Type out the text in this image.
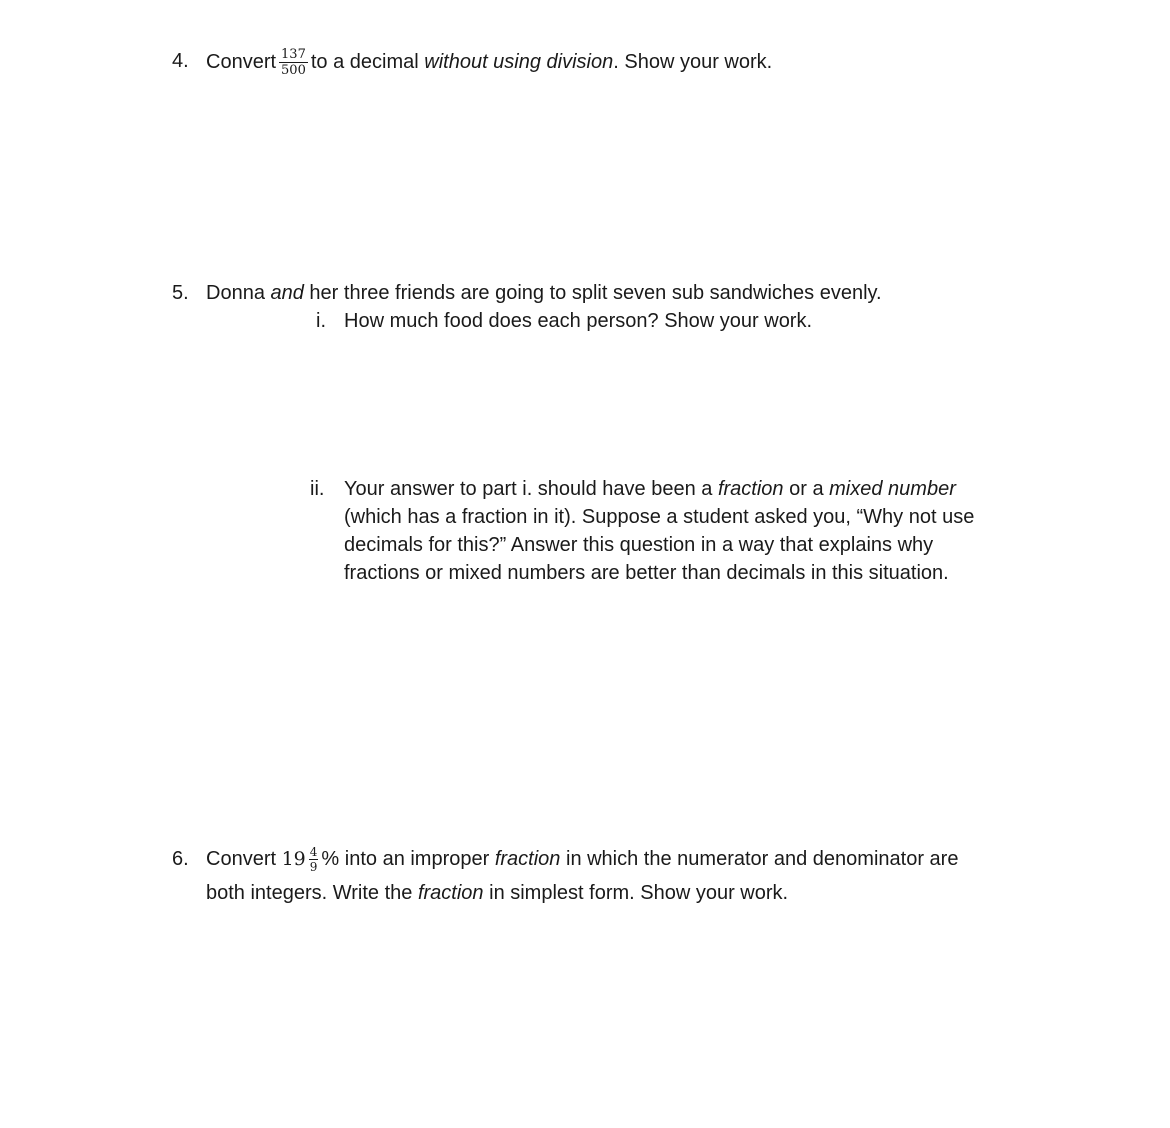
4. Convert $\frac{137}{500}$ to a decimal without using division. Show your work.
5. Donna and her three friends are going to split seven sub sandwiches evenly.
i. How much food does each person? Show your work.
ii. Your answer to part i. should have been a fraction or a mixed number
(which has a fraction in it). Suppose a student asked you, “Why not use
decimals for this?” Answer this question in a way that explains why
fractions or mixed numbers are better than decimals in this situation.
6. Convert $19 \frac{4}{9}$ % into an improper fraction in which the numerator and denominator are
both integers. Write the fraction in simplest form. Show your work.
